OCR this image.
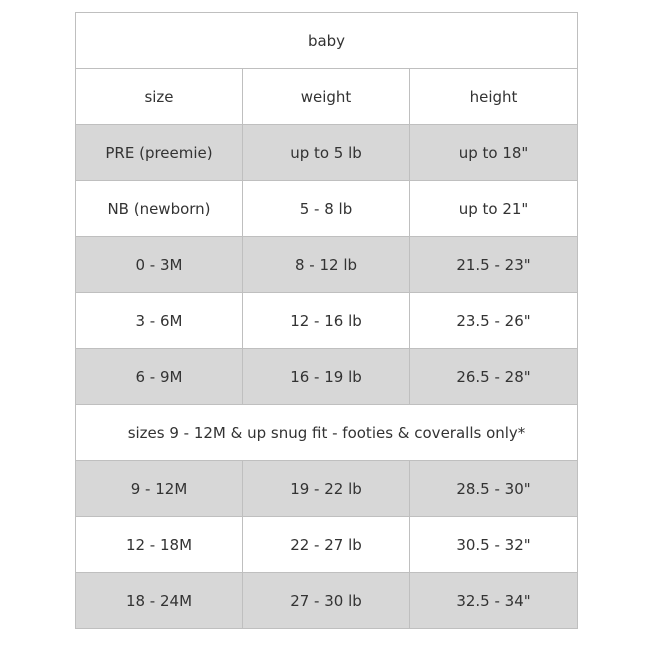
baby		
size	weight	height
PRE (preemie)	up to 5 lb	up to 18"
NB (newborn)	5 - 8 lb	up to 21"
0 - 3M	8 - 12 lb	21.5 - 23"
3 - 6M	12 - 16 lb	23.5 - 26"
6 - 9M	16 - 19 lb	26.5 - 28"
sizes 9 - 12M & up snug fit - footies & coveralls only*		
9 - 12M	19 - 22 lb	28.5 - 30"
12 - 18M	22 - 27 lb	30.5 - 32"
18 - 24M	27 - 30 lb	32.5 - 34"
